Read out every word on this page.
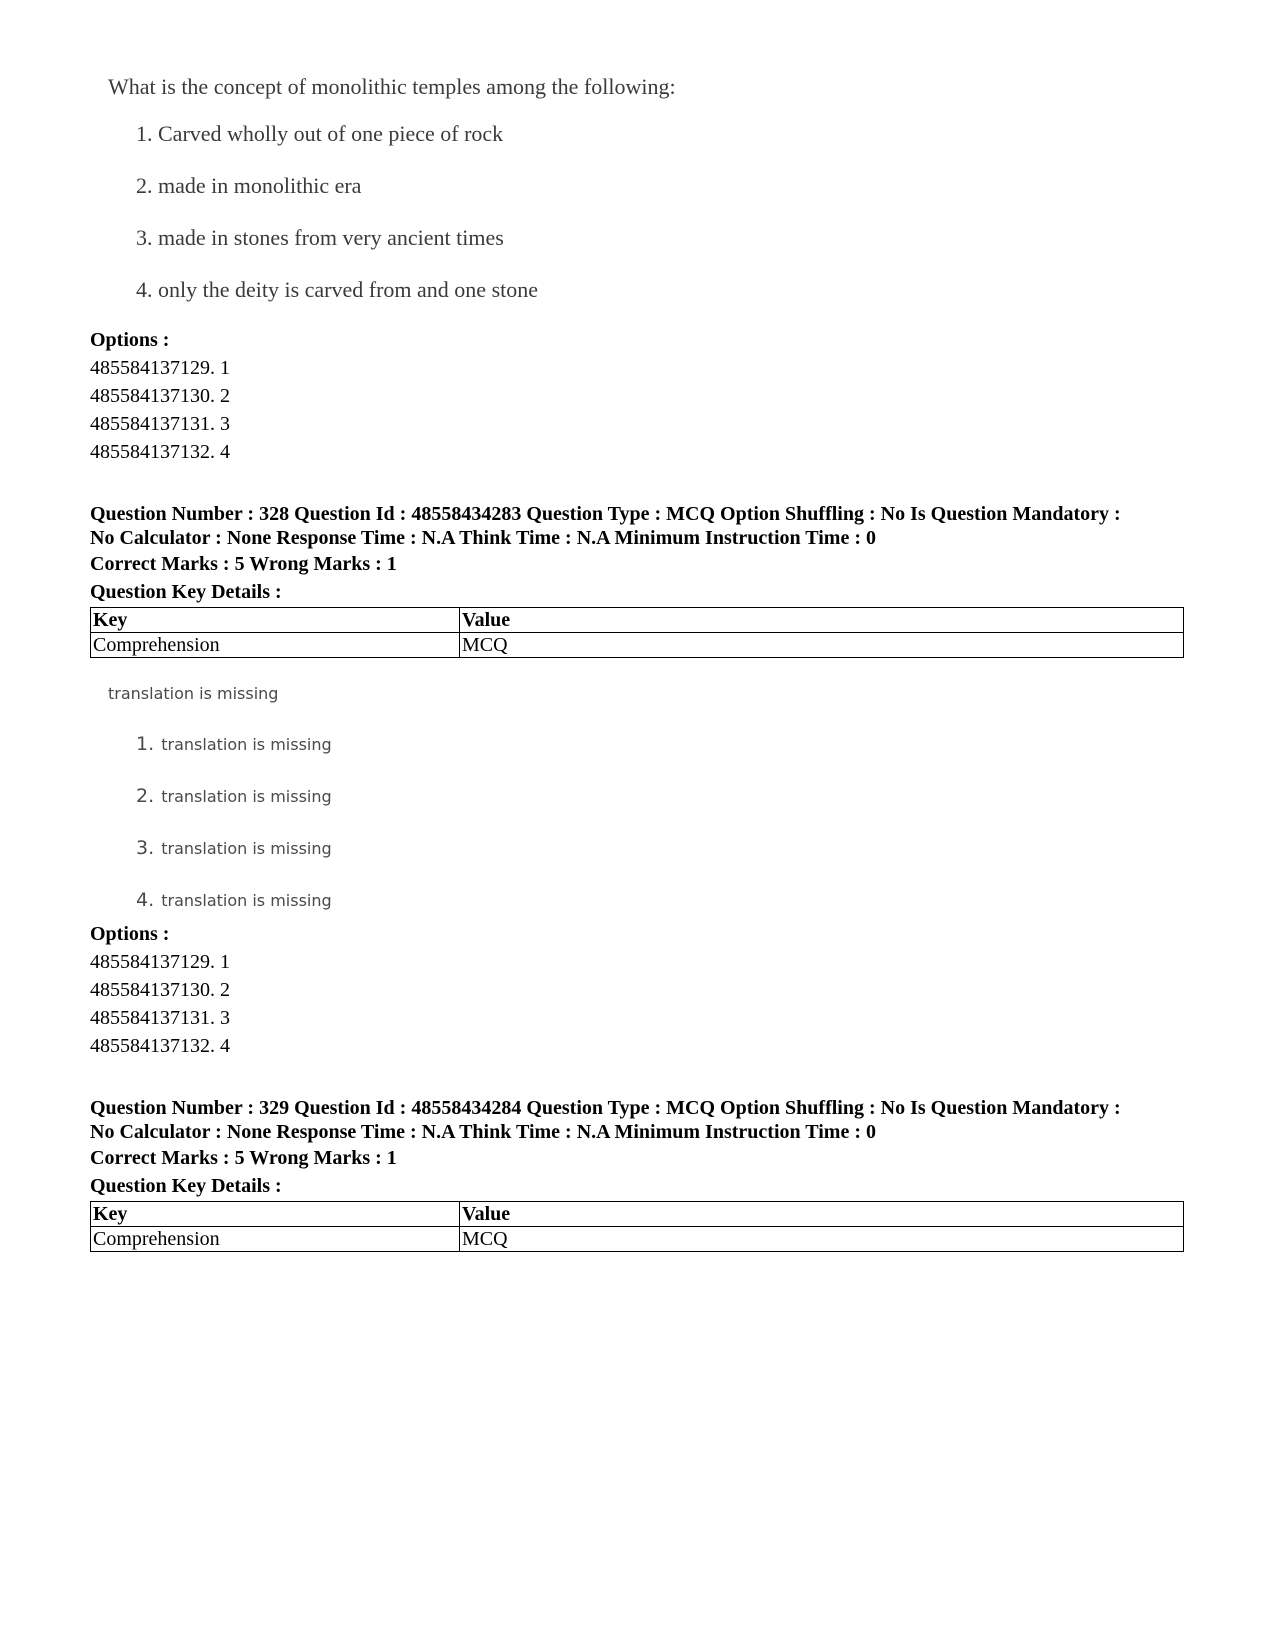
What is the concept of monolithic temples among the following:

1. Carved wholly out of one piece of rock
2. made in monolithic era
3. made in stones from very ancient times
4. only the deity is carved from and one stone
Options :
485584137129. 1
485584137130. 2
485584137131. 3
485584137132. 4
Question Number : 328 Question Id : 48558434283 Question Type : MCQ Option Shuffling : No Is Question Mandatory :
No Calculator : None Response Time : N.A Think Time : N.A Minimum Instruction Time : 0
Correct Marks : 5 Wrong Marks : 1
Question Key Details :
Key	Value
Comprehension	MCQ

translation is missing

1. translation is missing
2. translation is missing
3. translation is missing
4. translation is missing
Options :
485584137129. 1
485584137130. 2
485584137131. 3
485584137132. 4
Question Number : 329 Question Id : 48558434284 Question Type : MCQ Option Shuffling : No Is Question Mandatory :
No Calculator : None Response Time : N.A Think Time : N.A Minimum Instruction Time : 0
Correct Marks : 5 Wrong Marks : 1
Question Key Details :
Key	Value
Comprehension	MCQ
